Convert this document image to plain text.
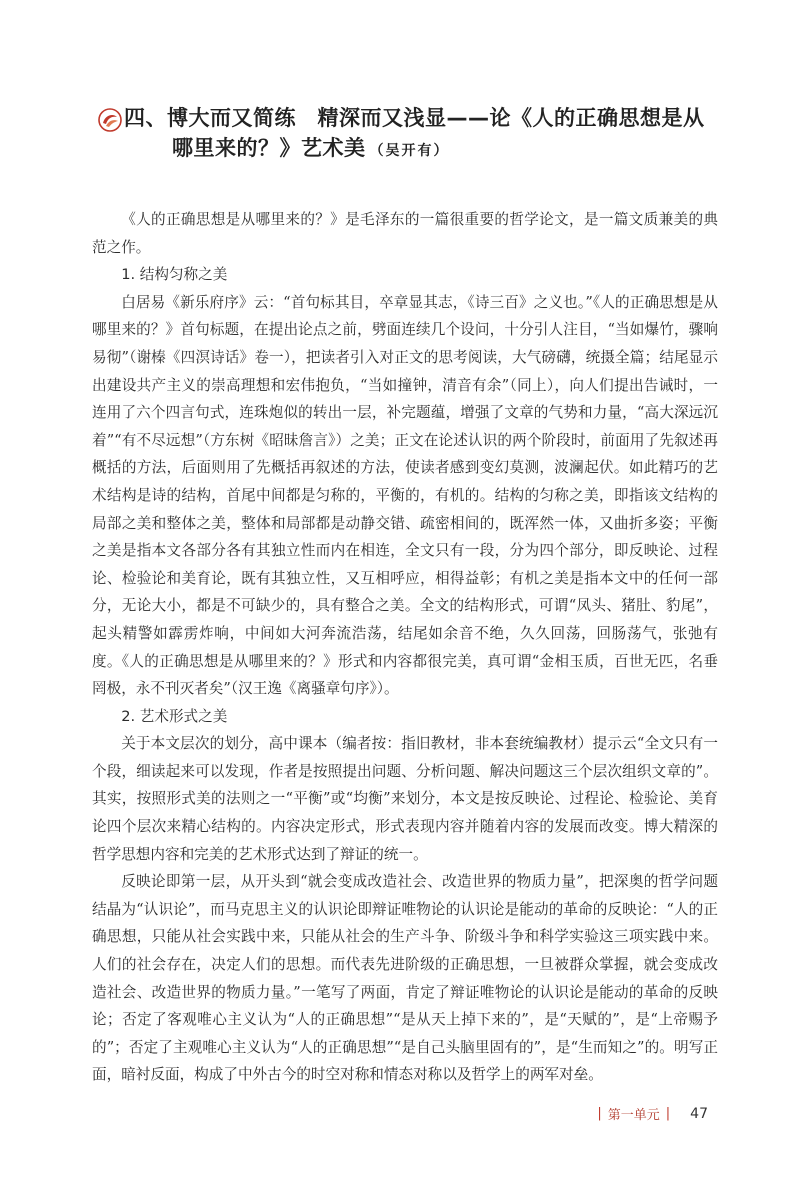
四、博大而又简练　精深而又浅显——论《人的正确思想是从
哪里来的？》艺术美 （吴开有）

《人的正确思想是从哪里来的？》是毛泽东的一篇很重要的哲学论文，是一篇文质兼美的典范之作。

1. 结构匀称之美

白居易《新乐府序》云：“首句标其目，卒章显其志，《诗三百》之义也。”《人的正确思想是从哪里来的？》首句标题，在提出论点之前，劈面连续几个设问，十分引人注目，“当如爆竹，骤响易彻”（谢榛《四溟诗话》卷一），把读者引入对正文的思考阅读，大气磅礴，统摄全篇；结尾显示出建设共产主义的崇高理想和宏伟抱负，“当如撞钟，清音有余”（同上），向人们提出告诫时，一连用了六个四言句式，连珠炮似的转出一层，补完题蕴，增强了文章的气势和力量，“高大深远沉着”“有不尽远想”（方东树《昭昧詹言》）之美；正文在论述认识的两个阶段时，前面用了先叙述再概括的方法，后面则用了先概括再叙述的方法，使读者感到变幻莫测，波澜起伏。如此精巧的艺术结构是诗的结构，首尾中间都是匀称的，平衡的，有机的。结构的匀称之美，即指该文结构的局部之美和整体之美，整体和局部都是动静交错、疏密相间的，既浑然一体，又曲折多姿；平衡之美是指本文各部分各有其独立性而内在相连，全文只有一段，分为四个部分，即反映论、过程论、检验论和美育论，既有其独立性，又互相呼应，相得益彰；有机之美是指本文中的任何一部分，无论大小，都是不可缺少的，具有整合之美。全文的结构形式，可谓“凤头、猪肚、豹尾”，起头精警如霹雳炸响，中间如大河奔流浩荡，结尾如余音不绝，久久回荡，回肠荡气，张弛有度。《人的正确思想是从哪里来的？》形式和内容都很完美，真可谓“金相玉质，百世无匹，名垂罔极，永不刊灭者矣”（汉王逸《离骚章句序》）。

2. 艺术形式之美

关于本文层次的划分，高中课本（编者按：指旧教材，非本套统编教材）提示云“全文只有一个段，细读起来可以发现，作者是按照提出问题、分析问题、解决问题这三个层次组织文章的”。其实，按照形式美的法则之一“平衡”或“均衡”来划分，本文是按反映论、过程论、检验论、美育论四个层次来精心结构的。内容决定形式，形式表现内容并随着内容的发展而改变。博大精深的哲学思想内容和完美的艺术形式达到了辩证的统一。

反映论即第一层，从开头到“就会变成改造社会、改造世界的物质力量”，把深奥的哲学问题结晶为“认识论”，而马克思主义的认识论即辩证唯物论的认识论是能动的革命的反映论：“人的正确思想，只能从社会实践中来，只能从社会的生产斗争、阶级斗争和科学实验这三项实践中来。人们的社会存在，决定人们的思想。而代表先进阶级的正确思想，一旦被群众掌握，就会变成改造社会、改造世界的物质力量。”一笔写了两面，肯定了辩证唯物论的认识论是能动的革命的反映论；否定了客观唯心主义认为“人的正确思想”“是从天上掉下来的”，是“天赋的”，是“上帝赐予的”；否定了主观唯心主义认为“人的正确思想”“是自己头脑里固有的”，是“生而知之”的。明写正面，暗衬反面，构成了中外古今的时空对称和情态对称以及哲学上的两军对垒。

| 第一单元 | 47
